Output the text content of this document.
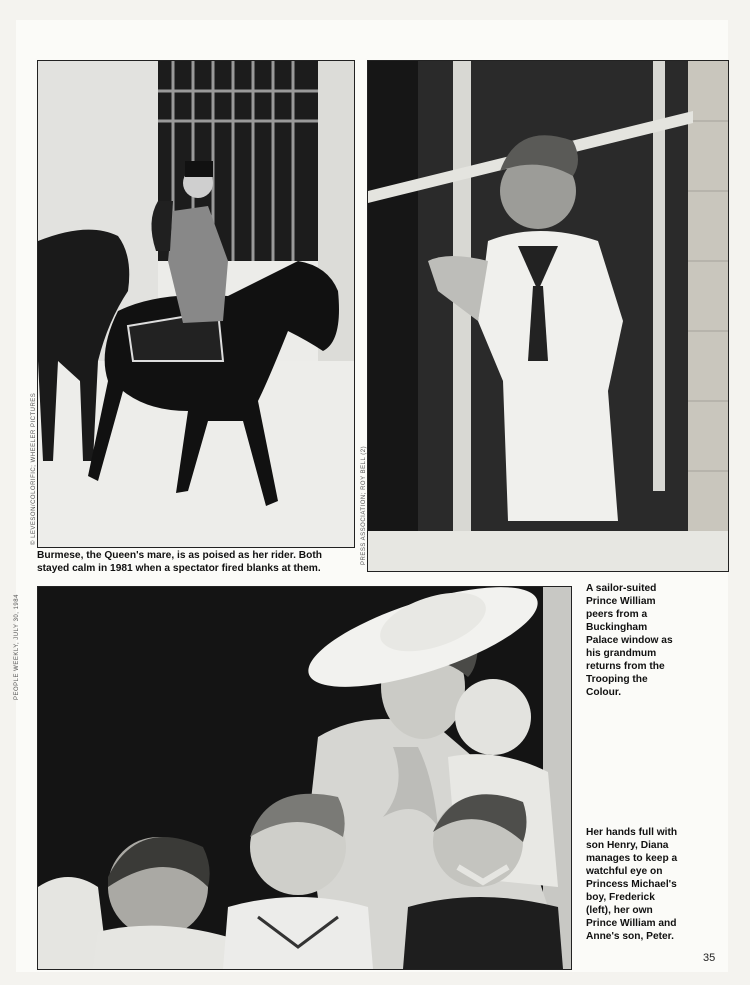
© LEVESON/COLORIFIC; WHEELER PICTURES
Burmese, the Queen's mare, is as poised as her rider. Both stayed calm in 1981 when a spectator fired blanks at them.
PRESS ASSOCIATION; ROY BELL (2)
A sailor-suited Prince William peers from a Buckingham Palace window as his grandmum returns from the Trooping the Colour.
PEOPLE WEEKLY, JULY 30, 1984
Her hands full with son Henry, Diana manages to keep a watchful eye on Princess Michael's boy, Frederick (left), her own Prince William and Anne's son, Peter.
35
